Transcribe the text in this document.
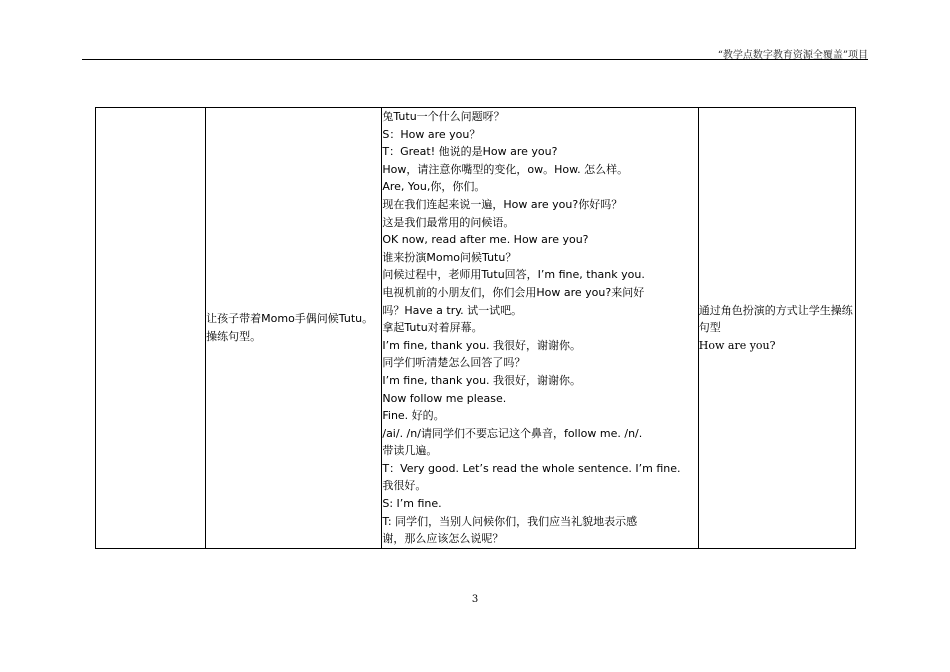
“教学点数字教育资源全覆盖”项目

让孩子带着Momo手偶问候Tutu。操练句型。

兔Tutu一个什么问题呀？
S：How are you？
T：Great! 他说的是How are you?
How，请注意你嘴型的变化，ow。How. 怎么样。
Are, You,你，你们。
现在我们连起来说一遍，How are you?你好吗？
这是我们最常用的问候语。
OK now, read after me. How are you?
谁来扮演Momo问候Tutu？
问候过程中，老师用Tutu回答，I’m fine, thank you.
电视机前的小朋友们，你们会用How are you?来问好
吗？Have a try. 试一试吧。
拿起Tutu对着屏幕。
I’m fine, thank you. 我很好，谢谢你。
同学们听清楚怎么回答了吗？
I’m fine, thank you. 我很好，谢谢你。
Now follow me please.
Fine. 好的。
/ai/. /n/请同学们不要忘记这个鼻音，follow me. /n/.
带读几遍。
T：Very good. Let’s read the whole sentence. I’m fine.
我很好。
S: I’m fine.
T: 同学们，当别人问候你们，我们应当礼貌地表示感
谢，那么应该怎么说呢？

通过角色扮演的方式让学生操练句型
How are you?
3
